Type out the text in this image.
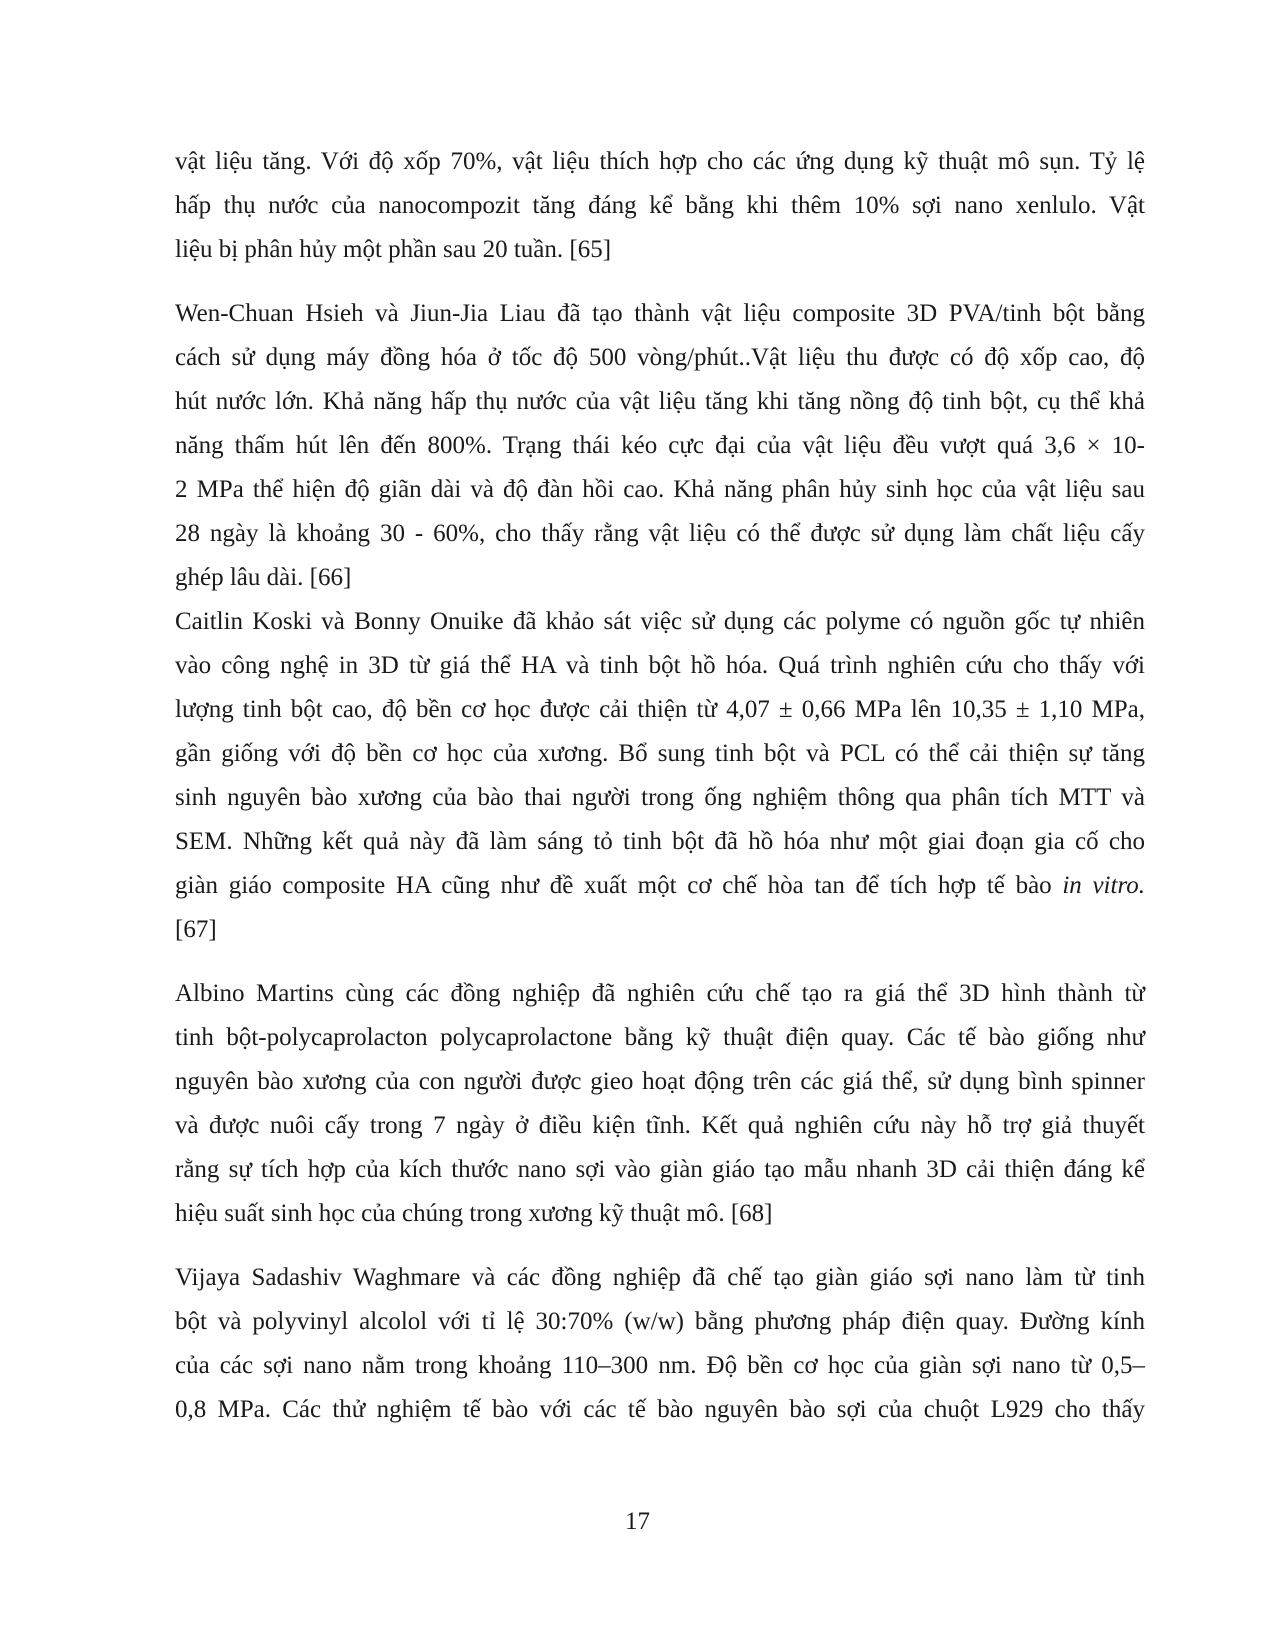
vật liệu tăng. Với độ xốp 70%, vật liệu thích hợp cho các ứng dụng kỹ thuật mô sụn. Tỷ lệ
hấp thụ nước của nanocompozit tăng đáng kể bằng khi thêm 10% sợi nano xenlulo. Vật
liệu bị phân hủy một phần sau 20 tuần. [65]

Wen-Chuan Hsieh và Jiun-Jia Liau đã tạo thành vật liệu composite 3D PVA/tinh bột bằng
cách sử dụng máy đồng hóa ở tốc độ 500 vòng/phút..Vật liệu thu được có độ xốp cao, độ
hút nước lớn. Khả năng hấp thụ nước của vật liệu tăng khi tăng nồng độ tinh bột, cụ thể khả
năng thấm hút lên đến 800%. Trạng thái kéo cực đại của vật liệu đều vượt quá 3,6 × 10-
2 MPa thể hiện độ giãn dài và độ đàn hồi cao. Khả năng phân hủy sinh học của vật liệu sau
28 ngày là khoảng 30 - 60%, cho thấy rằng vật liệu có thể được sử dụng làm chất liệu cấy
ghép lâu dài. [66]

Caitlin Koski và Bonny Onuike đã khảo sát việc sử dụng các polyme có nguồn gốc tự nhiên
vào công nghệ in 3D từ giá thể HA và tinh bột hồ hóa. Quá trình nghiên cứu cho thấy với
lượng tinh bột cao, độ bền cơ học được cải thiện từ 4,07 ± 0,66 MPa lên 10,35 ± 1,10 MPa,
gần giống với độ bền cơ học của xương. Bổ sung tinh bột và PCL có thể cải thiện sự tăng
sinh nguyên bào xương của bào thai người trong ống nghiệm thông qua phân tích MTT và
SEM. Những kết quả này đã làm sáng tỏ tinh bột đã hồ hóa như một giai đoạn gia cố cho
giàn giáo composite HA cũng như đề xuất một cơ chế hòa tan để tích hợp tế bào in vitro.
[67]

Albino Martins cùng các đồng nghiệp đã nghiên cứu chế tạo ra giá thể 3D hình thành từ
tinh bột-polycaprolacton polycaprolactone bằng kỹ thuật điện quay. Các tế bào giống như
nguyên bào xương của con người được gieo hoạt động trên các giá thể, sử dụng bình spinner
và được nuôi cấy trong 7 ngày ở điều kiện tĩnh. Kết quả nghiên cứu này hỗ trợ giả thuyết
rằng sự tích hợp của kích thước nano sợi vào giàn giáo tạo mẫu nhanh 3D cải thiện đáng kể
hiệu suất sinh học của chúng trong xương kỹ thuật mô. [68]

Vijaya Sadashiv Waghmare và các đồng nghiệp đã chế tạo giàn giáo sợi nano làm từ tinh
bột và polyvinyl alcolol với tỉ lệ 30:70% (w/w) bằng phương pháp điện quay. Đường kính
của các sợi nano nằm trong khoảng 110–300 nm. Độ bền cơ học của giàn sợi nano từ 0,5–
0,8 MPa. Các thử nghiệm tế bào với các tế bào nguyên bào sợi của chuột L929 cho thấy

17
